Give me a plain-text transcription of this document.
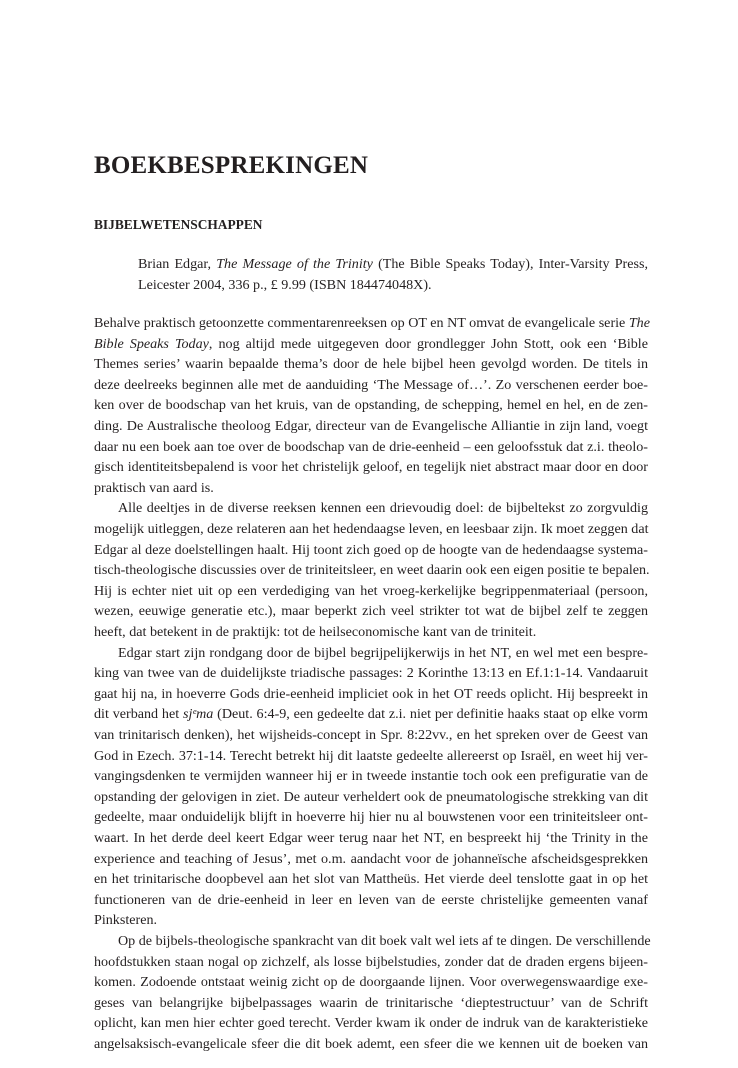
BOEKBESPREKINGEN
BIJBELWETENSCHAPPEN
Brian Edgar, The Message of the Trinity (The Bible Speaks Today), Inter-Varsity Press,
Leicester 2004, 336 p., £ 9.99 (ISBN 184474048X).
Behalve praktisch getoonzette commentarenreeksen op OT en NT omvat de evangelicale serie The
Bible Speaks Today, nog altijd mede uitgegeven door grondlegger John Stott, ook een ‘Bible
Themes series’ waarin bepaalde thema’s door de hele bijbel heen gevolgd worden. De titels in
deze deelreeks beginnen alle met de aanduiding ‘The Message of…’. Zo verschenen eerder boe-
ken over de boodschap van het kruis, van de opstanding, de schepping, hemel en hel, en de zen-
ding. De Australische theoloog Edgar, directeur van de Evangelische Alliantie in zijn land, voegt
daar nu een boek aan toe over de boodschap van de drie-eenheid – een geloofsstuk dat z.i. theolo-
gisch identiteitsbepalend is voor het christelijk geloof, en tegelijk niet abstract maar door en door
praktisch van aard is.
Alle deeltjes in de diverse reeksen kennen een drievoudig doel: de bijbeltekst zo zorgvuldig
mogelijk uitleggen, deze relateren aan het hedendaagse leven, en leesbaar zijn. Ik moet zeggen dat
Edgar al deze doelstellingen haalt. Hij toont zich goed op de hoogte van de hedendaagse systema-
tisch-theologische discussies over de triniteitsleer, en weet daarin ook een eigen positie te bepalen.
Hij is echter niet uit op een verdediging van het vroeg-kerkelijke begrippenmateriaal (persoon,
wezen, eeuwige generatie etc.), maar beperkt zich veel strikter tot wat de bijbel zelf te zeggen
heeft, dat betekent in de praktijk: tot de heilseconomische kant van de triniteit.
Edgar start zijn rondgang door de bijbel begrijpelijkerwijs in het NT, en wel met een bespre-
king van twee van de duidelijkste triadische passages: 2 Korinthe 13:13 en Ef.1:1-14. Vandaaruit
gaat hij na, in hoeverre Gods drie-eenheid impliciet ook in het OT reeds oplicht. Hij bespreekt in
dit verband het sjᵉma (Deut. 6:4-9, een gedeelte dat z.i. niet per definitie haaks staat op elke vorm
van trinitarisch denken), het wijsheids-concept in Spr. 8:22vv., en het spreken over de Geest van
God in Ezech. 37:1-14. Terecht betrekt hij dit laatste gedeelte allereerst op Israël, en weet hij ver-
vangingsdenken te vermijden wanneer hij er in tweede instantie toch ook een prefiguratie van de
opstanding der gelovigen in ziet. De auteur verheldert ook de pneumatologische strekking van dit
gedeelte, maar onduidelijk blijft in hoeverre hij hier nu al bouwstenen voor een triniteitsleer ont-
waart. In het derde deel keert Edgar weer terug naar het NT, en bespreekt hij ‘the Trinity in the
experience and teaching of Jesus’, met o.m. aandacht voor de johanneïsche afscheidsgesprekken
en het trinitarische doopbevel aan het slot van Mattheüs. Het vierde deel tenslotte gaat in op het
functioneren van de drie-eenheid in leer en leven van de eerste christelijke gemeenten vanaf
Pinksteren.
Op de bijbels-theologische spankracht van dit boek valt wel iets af te dingen. De verschillende
hoofdstukken staan nogal op zichzelf, als losse bijbelstudies, zonder dat de draden ergens bijeen-
komen. Zodoende ontstaat weinig zicht op de doorgaande lijnen. Voor overwegenswaardige exe-
geses van belangrijke bijbelpassages waarin de trinitarische ‘dieptestructuur’ van de Schrift
oplicht, kan men hier echter goed terecht. Verder kwam ik onder de indruk van de karakteristieke
angelsaksisch-evangelicale sfeer die dit boek ademt, een sfeer die we kennen uit de boeken van
